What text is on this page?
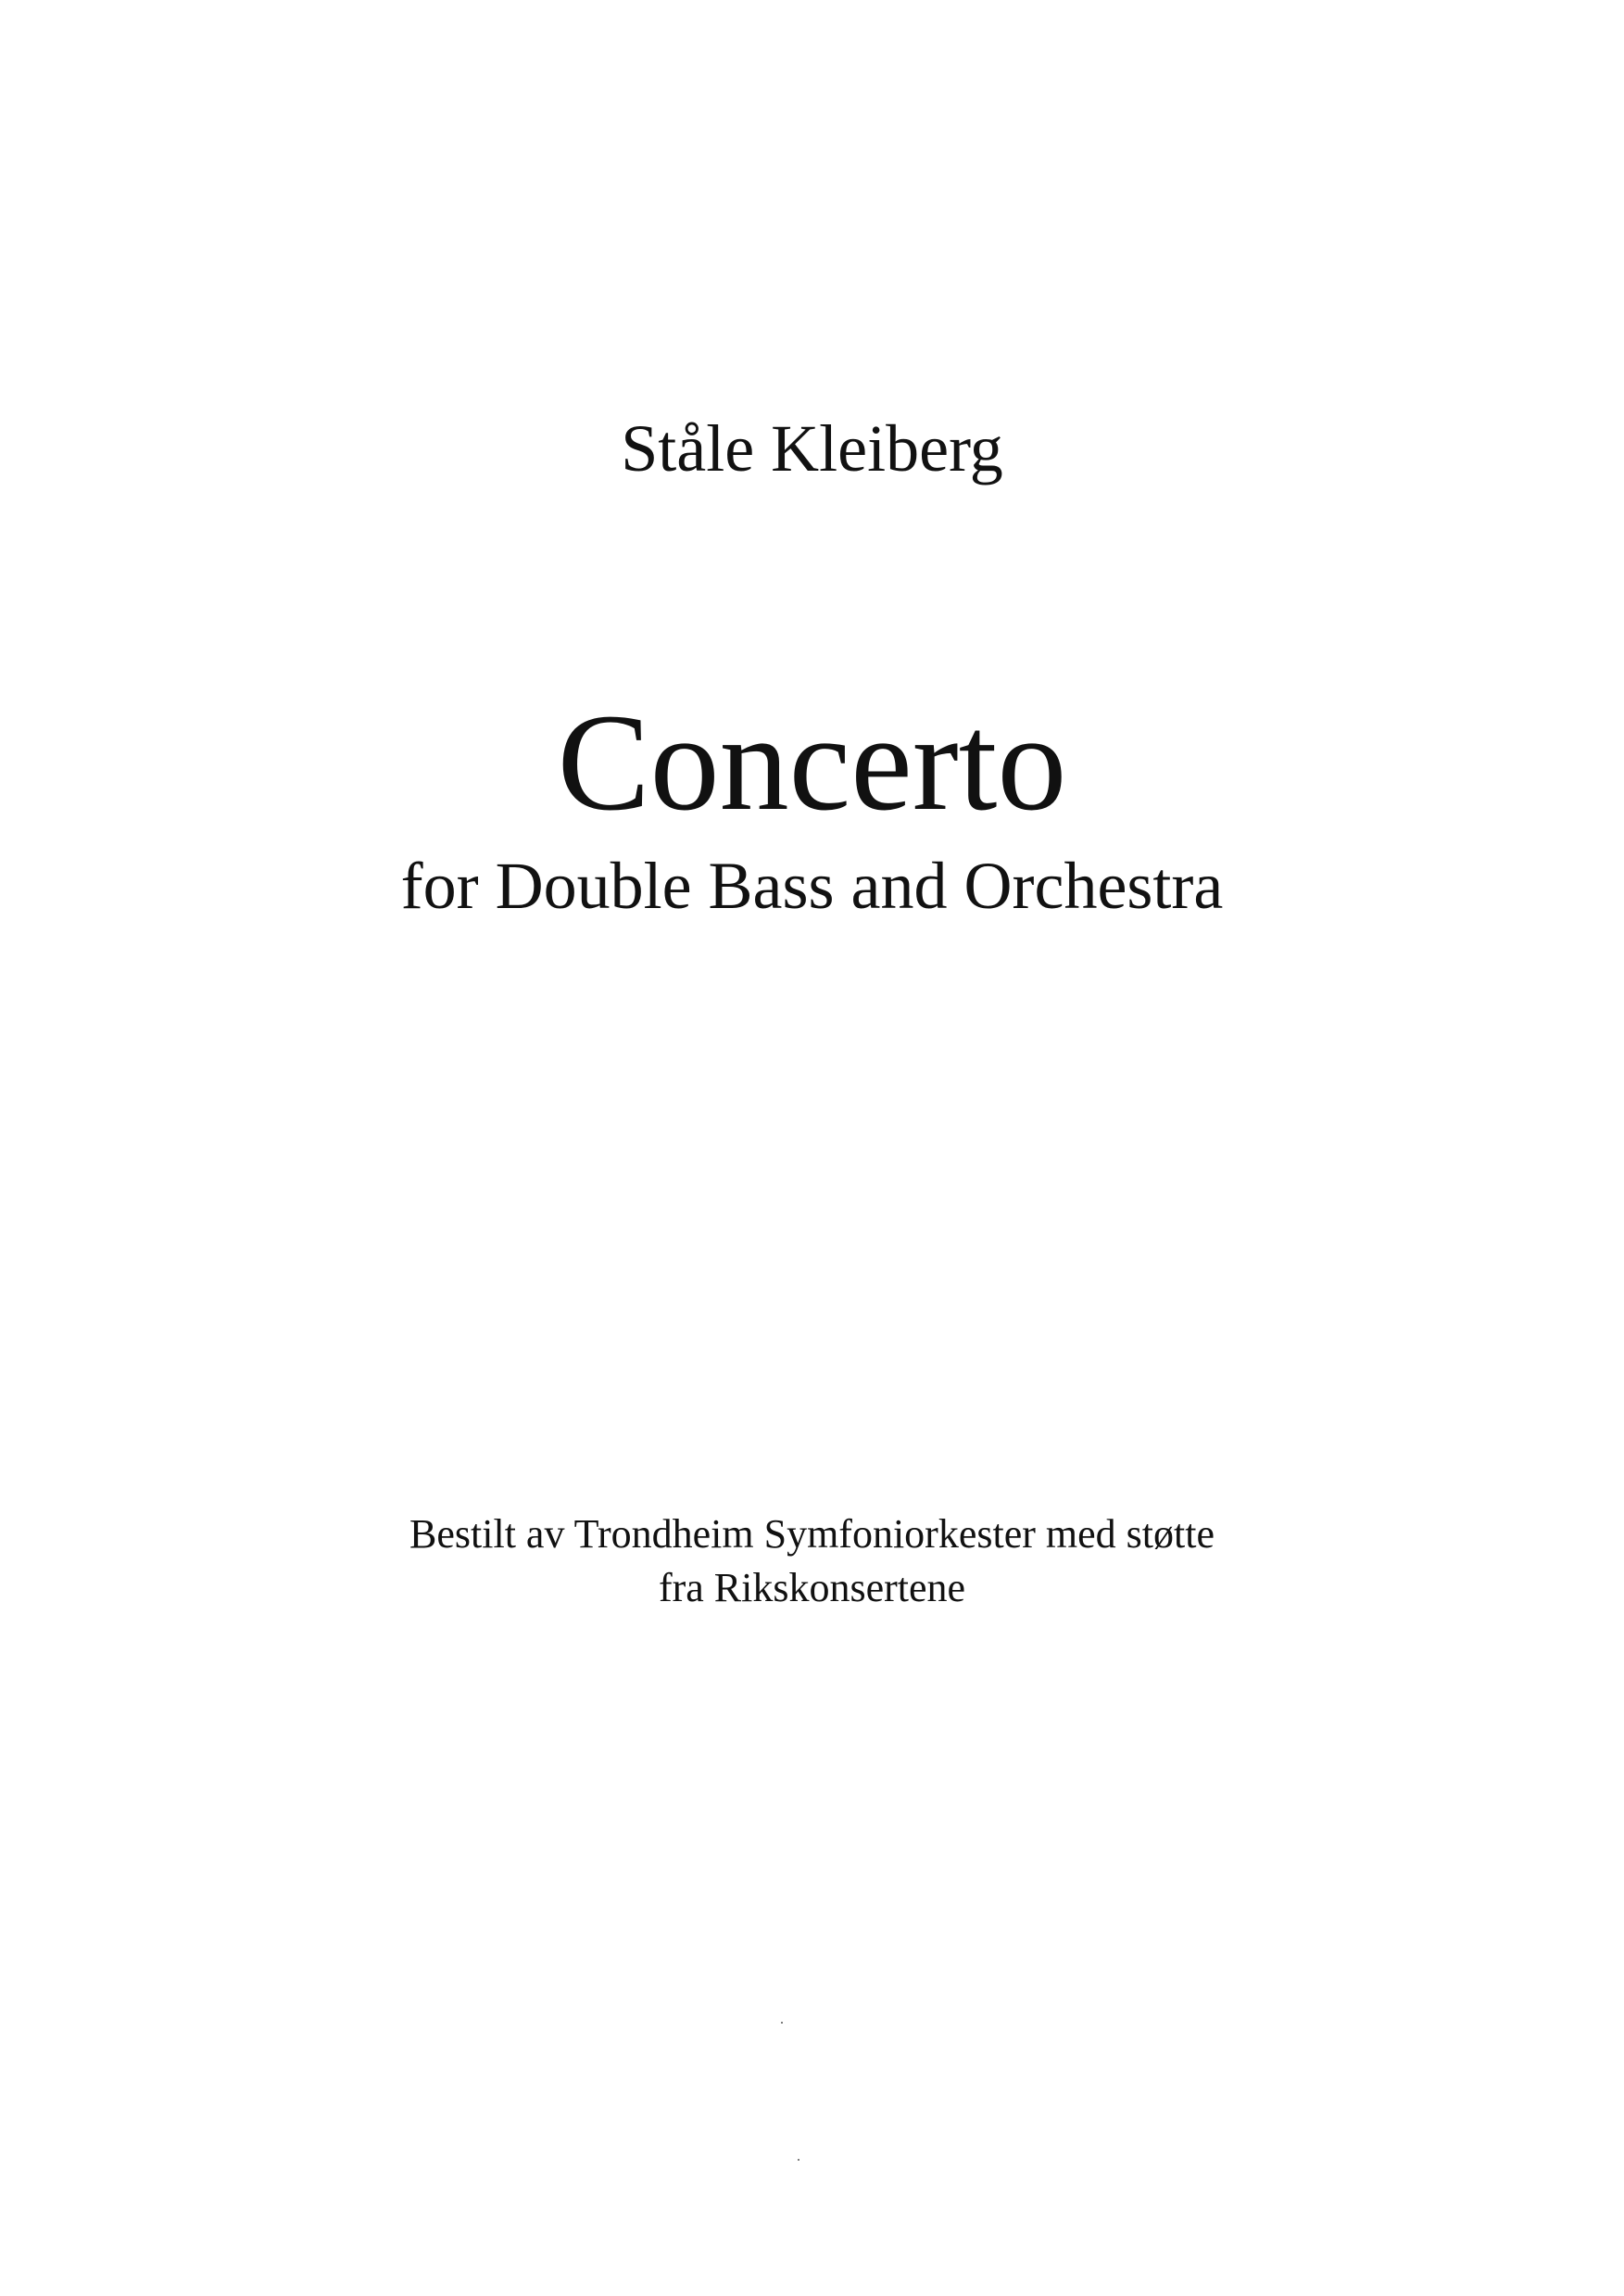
Ståle Kleiberg
Concerto
for Double Bass and Orchestra
Bestilt av Trondheim Symfoniorkester med støtte
fra Rikskonsertene
